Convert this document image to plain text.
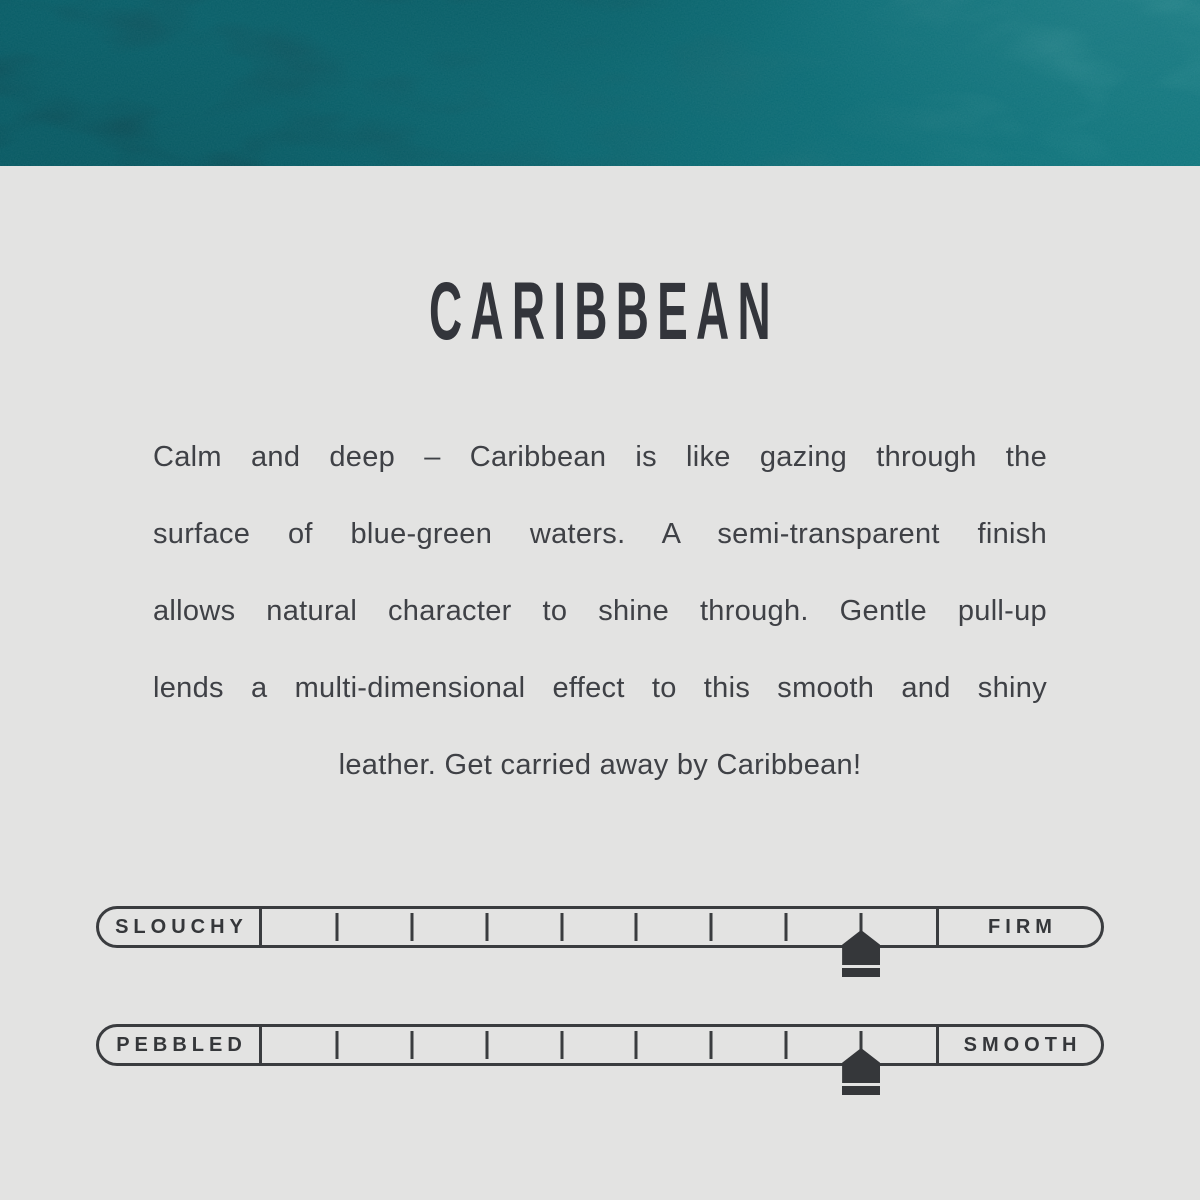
CARIBBEAN

Calm and deep – Caribbean is like gazing through the

surface of blue-green waters. A semi-transparent finish

allows natural character to shine through. Gentle pull-up

lends a multi-dimensional effect to this smooth and shiny

leather. Get carried away by Caribbean!

SLOUCHY	FIRM
PEBBLED	SMOOTH
